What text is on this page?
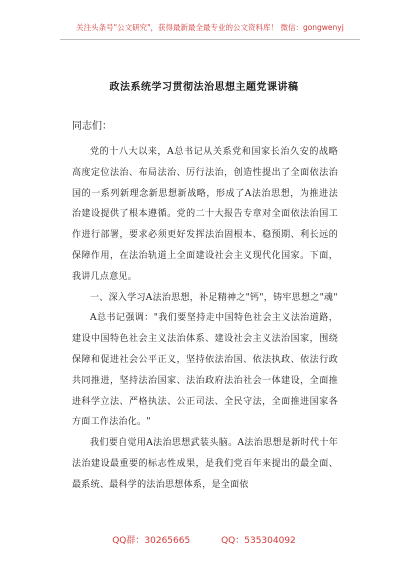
关注头条号"公文研究"，获得最新最全最专业的公文资料库！ 微信：gongwenyj
政法系统学习贯彻法治思想主题党课讲稿

同志们：

党的十八大以来，A总书记从关系党和国家长治久安的战略高度定位法治、布局法治、厉行法治，创造性提出了全面依法治国的一系列新理念新思想新战略，形成了A法治思想，为推进法治建设提供了根本遵循。党的二十大报告专章对全面依法治国工作进行部署，要求必须更好发挥法治固根本、稳预期、利长远的保障作用，在法治轨道上全面建设社会主义现代化国家。下面，我讲几点意见。

一、深入学习A法治思想，补足精神之"钙"，铸牢思想之"魂"

A总书记强调："我们要坚持走中国特色社会主义法治道路，建设中国特色社会主义法治体系、建设社会主义法治国家，围绕保障和促进社会公平正义，坚持依法治国、依法执政、依法行政共同推进，坚持法治国家、法治政府法治社会一体建设，全面推进科学立法、严格执法、公正司法、全民守法，全面推进国家各方面工作法治化。"

我们要自觉用A法治思想武装头脑。A法治思想是新时代十年法治建设最重要的标志性成果，是我们党百年来提出的最全面、最系统、最科学的法治思想体系，是全面依

QQ群：30265665	QQ：535304092
